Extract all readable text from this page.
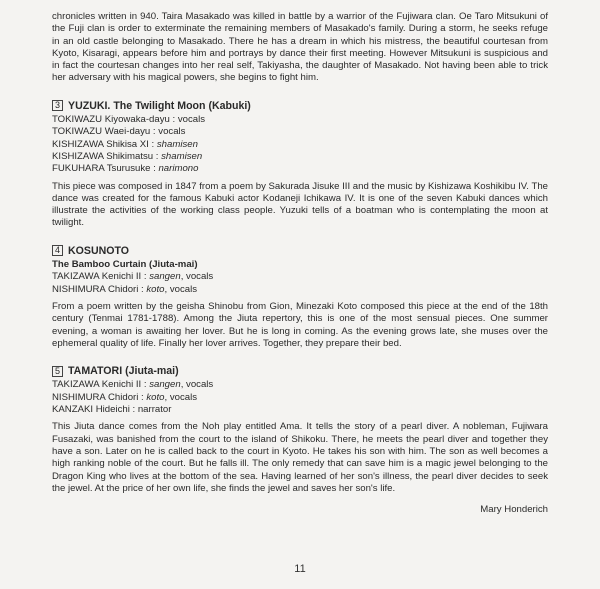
chronicles written in 940. Taira Masakado was killed in battle by a warrior of the Fujiwara clan. Oe Taro Mitsukuni of the Fuji clan is order to exterminate the remaining members of Masakado's family. During a storm, he seeks refuge in an old castle belonging to Masakado. There he has a dream in which his mistress, the beautiful courtesan from Kyoto, Kisaragi, appears before him and portrays by dance their first meeting. However Mitsukuni is suspicious and in fact the courtesan changes into her real self, Takiyasha, the daughter of Masakado. Not having been able to trick her adversary with his magical powers, she begins to fight him.

3 YUZUKI. The Twilight Moon (Kabuki)

TOKIWAZU Kiyowaka-dayu : vocals

TOKIWAZU Waei-dayu : vocals

KISHIZAWA Shikisa XI : shamisen

KISHIZAWA Shikimatsu : shamisen

FUKUHARA Tsurusuke : narimono

This piece was composed in 1847 from a poem by Sakurada Jisuke III and the music by Kishizawa Koshikibu IV. The dance was created for the famous Kabuki actor Kodaneji Ichikawa IV. It is one of the seven Kabuki dances which illustrate the activities of the working class people. Yuzuki tells of a boatman who is contemplating the moon at twilight.

4 KOSUNOTO
The Bamboo Curtain (Jiuta-mai)

TAKIZAWA Kenichi II : sangen, vocals

NISHIMURA Chidori : koto, vocals

From a poem written by the geisha Shinobu from Gion, Minezaki Koto composed this piece at the end of the 18th century (Tenmai 1781-1788). Among the Jiuta repertory, this is one of the most sensual pieces. One summer evening, a woman is awaiting her lover. But he is long in coming. As the evening grows late, she muses over the ephemeral quality of life. Finally her lover arrives. Together, they prepare their bed.

5 TAMATORI (Jiuta-mai)

TAKIZAWA Kenichi II : sangen, vocals

NISHIMURA Chidori : koto, vocals

KANZAKI Hideichi : narrator

This Jiuta dance comes from the Noh play entitled Ama. It tells the story of a pearl diver. A nobleman, Fujiwara Fusazaki, was banished from the court to the island of Shikoku. There, he meets the pearl diver and together they have a son. Later on he is called back to the court in Kyoto. He takes his son with him. The son as well becomes a high ranking noble of the court. But he falls ill. The only remedy that can save him is a magic jewel belonging to the Dragon King who lives at the bottom of the sea. Having learned of her son's illness, the pearl diver decides to seek the jewel. At the price of her own life, she finds the jewel and saves her son's life.

Mary Honderich
11
